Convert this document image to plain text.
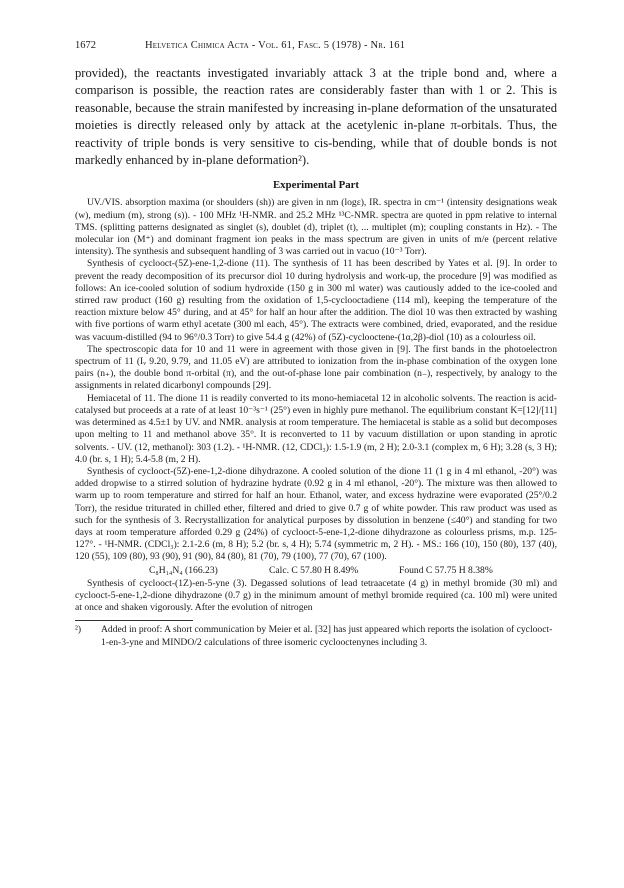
1672	Helvetica Chimica Acta - Vol. 61, Fasc. 5 (1978) - Nr. 161

provided), the reactants investigated invariably attack 3 at the triple bond and, where a comparison is possible, the reaction rates are considerably faster than with 1 or 2. This is reasonable, because the strain manifested by increasing in-plane deformation of the unsaturated moieties is directly released only by attack at the acetylenic in-plane π-orbitals. Thus, the reactivity of triple bonds is very sensitive to cis-bending, while that of double bonds is not markedly enhanced by in-plane deformation²).

Experimental Part

UV./VIS. absorption maxima (or shoulders (sh)) are given in nm (logε), IR. spectra in cm⁻¹ (intensity designations weak (w), medium (m), strong (s)). - 100 MHz ¹H-NMR. and 25.2 MHz ¹³C-NMR. spectra are quoted in ppm relative to internal TMS. (splitting patterns designated as singlet (s), doublet (d), triplet (t), ... multiplet (m); coupling constants in Hz). - The molecular ion (M⁺) and dominant fragment ion peaks in the mass spectrum are given in units of m/e (percent relative intensity). The synthesis and subsequent handling of 3 was carried out in vacuo (10⁻³ Torr).

Synthesis of cyclooct-(5Z)-ene-1,2-dione (11). The synthesis of 11 has been described by Yates et al. [9]. In order to prevent the ready decomposition of its precursor diol 10 during hydrolysis and work-up, the procedure [9] was modified as follows: An ice-cooled solution of sodium hydroxide (150 g in 300 ml water) was cautiously added to the ice-cooled and stirred raw product (160 g) resulting from the oxidation of 1,5-cyclooctadiene (114 ml), keeping the temperature of the reaction mixture below 45° during, and at 45° for half an hour after the addition. The diol 10 was then extracted by washing with five portions of warm ethyl acetate (300 ml each, 45°). The extracts were combined, dried, evaporated, and the residue was vacuum-distilled (94 to 96°/0.3 Torr) to give 54.4 g (42%) of (5Z)-cyclooctene-(1α,2β)-diol (10) as a colourless oil.

The spectroscopic data for 10 and 11 were in agreement with those given in [9]. The first bands in the photoelectron spectrum of 11 (Iᵥ 9.20, 9.79, and 11.05 eV) are attributed to ionization from the in-phase combination of the oxygen lone pairs (n₊), the double bond π-orbital (π), and the out-of-phase lone pair combination (n₋), respectively, by analogy to the assignments in related dicarbonyl compounds [29].

Hemiacetal of 11. The dione 11 is readily converted to its mono-hemiacetal 12 in alcoholic solvents. The reaction is acid-catalysed but proceeds at a rate of at least 10⁻³s⁻¹ (25°) even in highly pure methanol. The equilibrium constant K=[12]/[11] was determined as 4.5±1 by UV. and NMR. analysis at room temperature. The hemiacetal is stable as a solid but decomposes upon melting to 11 and methanol above 35°. It is reconverted to 11 by vacuum distillation or upon standing in aprotic solvents. - UV. (12, methanol): 303 (1.2). - ¹H-NMR. (12, CDCl₃): 1.5-1.9 (m, 2 H); 2.0-3.1 (complex m, 6 H); 3.28 (s, 3 H); 4.0 (br. s, 1 H); 5.4-5.8 (m, 2 H).

Synthesis of cyclooct-(5Z)-ene-1,2-dione dihydrazone. A cooled solution of the dione 11 (1 g in 4 ml ethanol, -20°) was added dropwise to a stirred solution of hydrazine hydrate (0.92 g in 4 ml ethanol, -20°). The mixture was then allowed to warm up to room temperature and stirred for half an hour. Ethanol, water, and excess hydrazine were evaporated (25°/0.2 Torr), the residue triturated in chilled ether, filtered and dried to give 0.7 g of white powder. This raw product was used as such for the synthesis of 3. Recrystallization for analytical purposes by dissolution in benzene (≤40°) and standing for two days at room temperature afforded 0.29 g (24%) of cyclooct-5-ene-1,2-dione dihydrazone as colourless prisms, m.p. 125-127°. - ¹H-NMR. (CDCl₃): 2.1-2.6 (m, 8 H); 5.2 (br. s, 4 H); 5.74 (symmetric m, 2 H). - MS.: 166 (10), 150 (80), 137 (40), 120 (55), 109 (80), 93 (90), 91 (90), 84 (80), 81 (70), 79 (100), 77 (70), 67 (100).

C₈H₁₄N₄ (166.23)	Calc. C 57.80 H 8.49%	Found C 57.75 H 8.38%

Synthesis of cyclooct-(1Z)-en-5-yne (3). Degassed solutions of lead tetraacetate (4 g) in methyl bromide (30 ml) and cyclooct-5-ene-1,2-dione dihydrazone (0.7 g) in the minimum amount of methyl bromide required (ca. 100 ml) were united at once and shaken vigorously. After the evolution of nitrogen

²)	Added in proof: A short communication by Meier et al. [32] has just appeared which reports the isolation of cyclooct-1-en-3-yne and MINDO/2 calculations of three isomeric cyclooctenynes including 3.
